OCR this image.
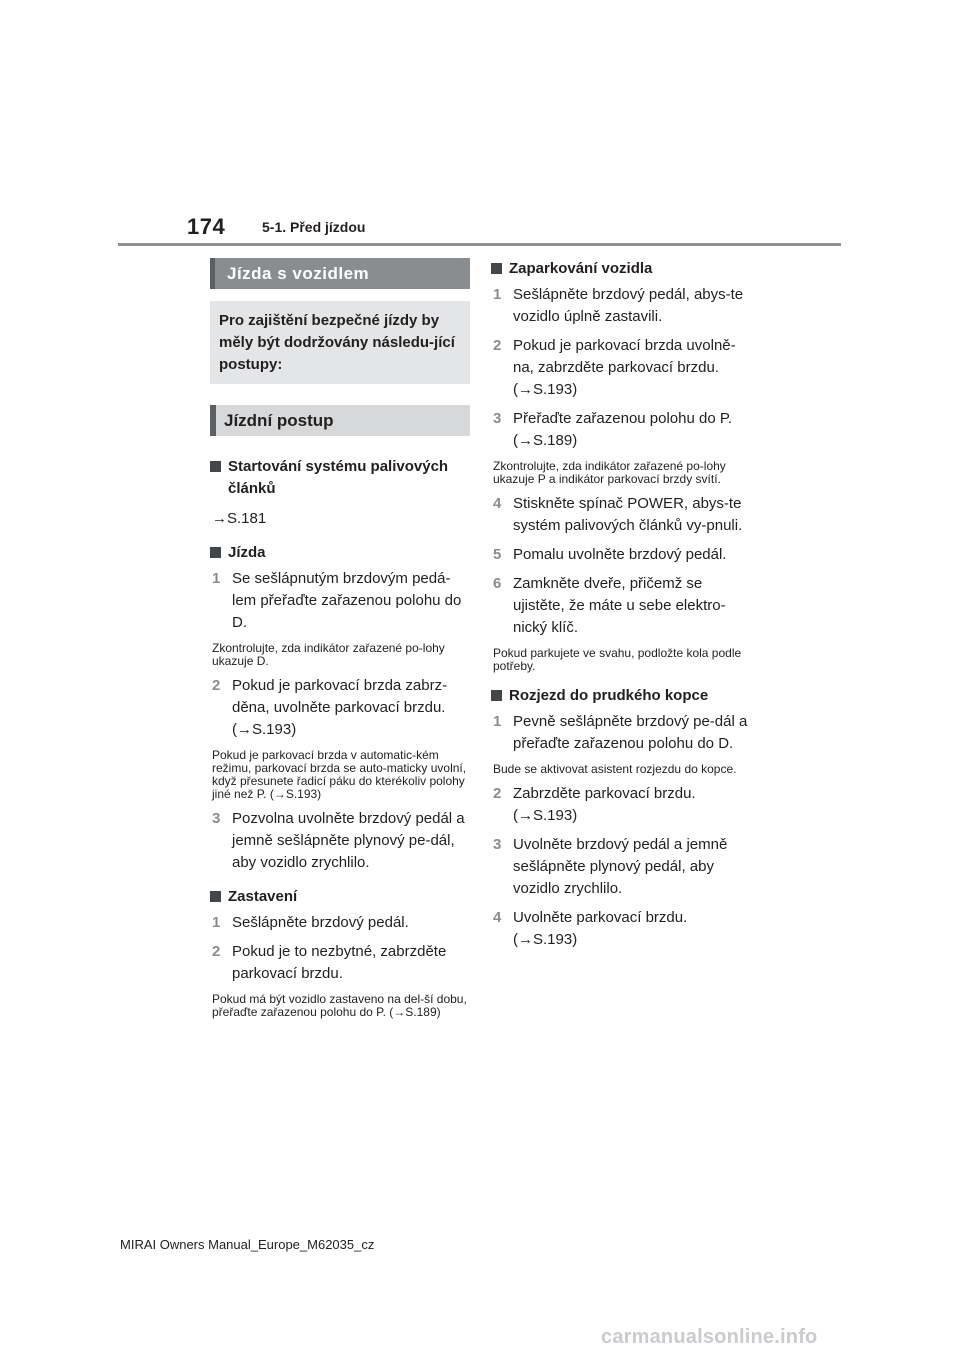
174	5-1. Před jízdou
Jízda s vozidlem
Pro zajištění bezpečné jízdy by měly být dodržovány následu-jící postupy:
Jízdní postup
Startování systému palivových článků
→S.181
Jízda
1 Se sešlápnutým brzdovým pedá-lem přeřaďte zařazenou polohu do D.
Zkontrolujte, zda indikátor zařazené po-lohy ukazuje D.
2 Pokud je parkovací brzda zabrz-děna, uvolněte parkovací brzdu. (→S.193)
Pokud je parkovací brzda v automatic-kém režimu, parkovací brzda se auto-maticky uvolní, když přesunete řadicí páku do kterékoliv polohy jiné než P. (→S.193)
3 Pozvolna uvolněte brzdový pedál a jemně sešlápněte plynový pe-dál, aby vozidlo zrychlilo.
Zastavení
1 Sešlápněte brzdový pedál.
2 Pokud je to nezbytné, zabrzděte parkovací brzdu.
Pokud má být vozidlo zastaveno na del-ší dobu, přeřaďte zařazenou polohu do P. (→S.189)
Zaparkování vozidla
1 Sešlápněte brzdový pedál, abys-te vozidlo úplně zastavili.
2 Pokud je parkovací brzda uvolně-na, zabrzděte parkovací brzdu. (→S.193)
3 Přeřaďte zařazenou polohu do P. (→S.189)
Zkontrolujte, zda indikátor zařazené po-lohy ukazuje P a indikátor parkovací brzdy svítí.
4 Stiskněte spínač POWER, abys-te systém palivových článků vy-pnuli.
5 Pomalu uvolněte brzdový pedál.
6 Zamkněte dveře, přičemž se ujistěte, že máte u sebe elektro-nický klíč.
Pokud parkujete ve svahu, podložte kola podle potřeby.
Rozjezd do prudkého kopce
1 Pevně sešlápněte brzdový pe-dál a přeřaďte zařazenou polohu do D.
Bude se aktivovat asistent rozjezdu do kopce.
2 Zabrzděte parkovací brzdu. (→S.193)
3 Uvolněte brzdový pedál a jemně sešlápněte plynový pedál, aby vozidlo zrychlilo.
4 Uvolněte parkovací brzdu. (→S.193)
MIRAI Owners Manual_Europe_M62035_cz
carmanualsonline.info
